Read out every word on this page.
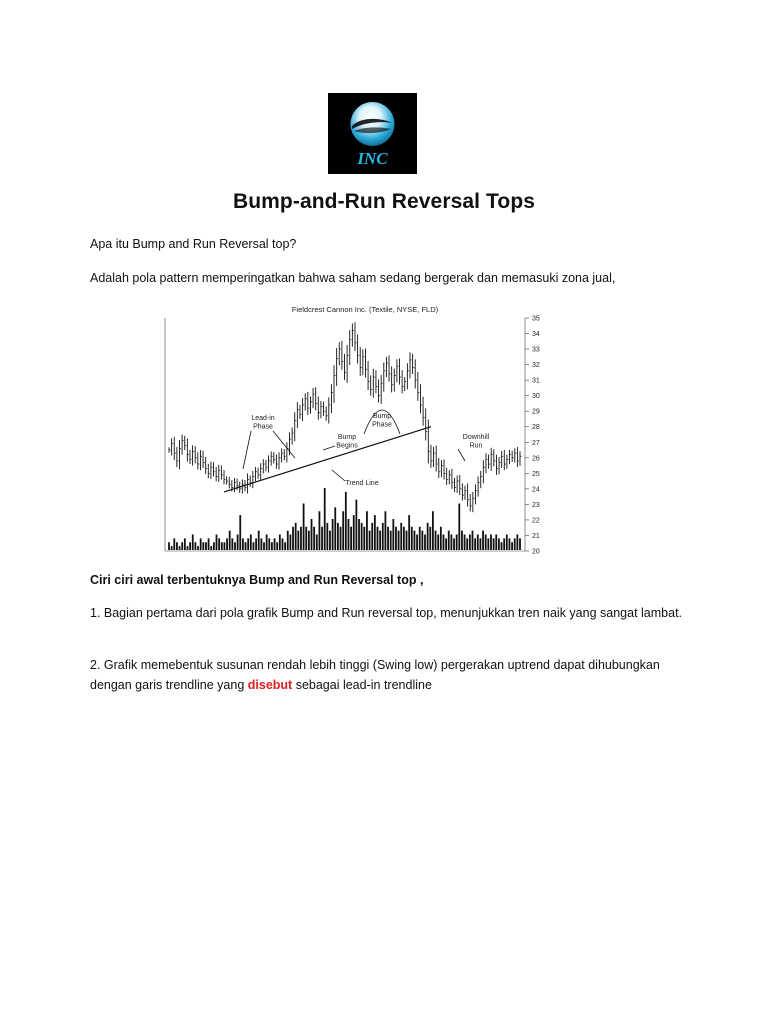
INC
Bump-and-Run Reversal Tops

Apa itu Bump and Run Reversal top?

Adalah pola pattern memperingatkan bahwa saham sedang bergerak dan memasuki zona jual,

Fieldcrest Cannon Inc. (Textile, NYSE, FLD)
20
21
22
23
24
25
26
27
28
29
30
31
32
33
34
35
Lead-in Phase
Bump Begins
Bump Phase
Downhill Run
Trend Line

Ciri ciri awal terbentuknya Bump and Run Reversal top ,

1. Bagian pertama dari pola grafik Bump and Run reversal top, menunjukkan tren naik yang sangat lambat.

2. Grafik memebentuk susunan rendah lebih tinggi (Swing low) pergerakan uptrend dapat dihubungkan dengan garis trendline yang disebut sebagai lead-in trendline
